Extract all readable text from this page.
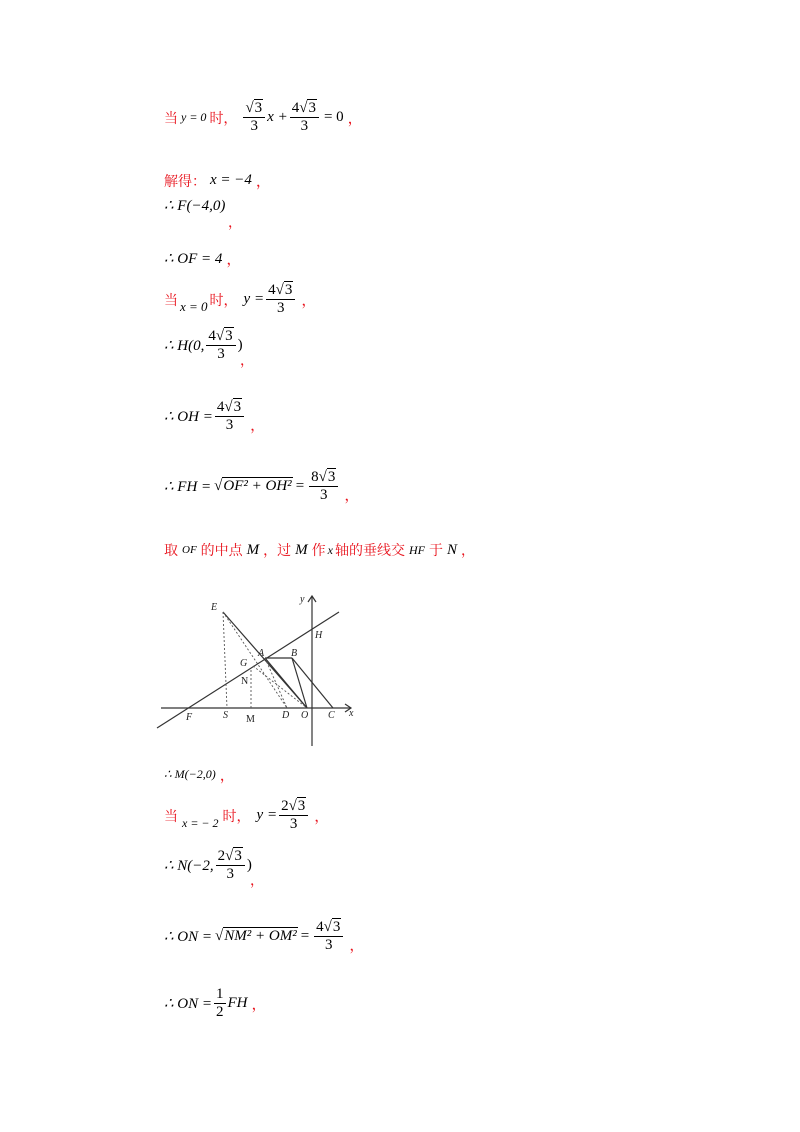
当 y = 0 时， $\frac{√3}{3}$ $x + \frac{4√3}{3} = 0$ ，
解得： x = −4 ，
∴ F(−4,0)
，
∴ OF = 4 ，
当 x = 0 时， $y = \frac{4√3}{3}$ ，
∴ H(0, $\frac{4√3}{3}$ )
，
∴ OH = $\frac{4√3}{3}$ ，
∴ FH = $√OF^2 + OH^2 = \frac{8√3}{3}$ ，
取 OF 的中点 M ，过 M 作 x 轴的垂线交 HF 于 N ，
E
y
H
A	B
G
N
F	S M	D O C x
∴ M(−2,0) ，
当 x = − 2 时， $y = \frac{2√3}{3}$ ，
∴ N(−2, $\frac{2√3}{3}$ )
，
∴ ON = $√NM^2 + OM^2 = \frac{4√3}{3}$ ，
∴ ON = $\frac{1}{2}$ FH ，
